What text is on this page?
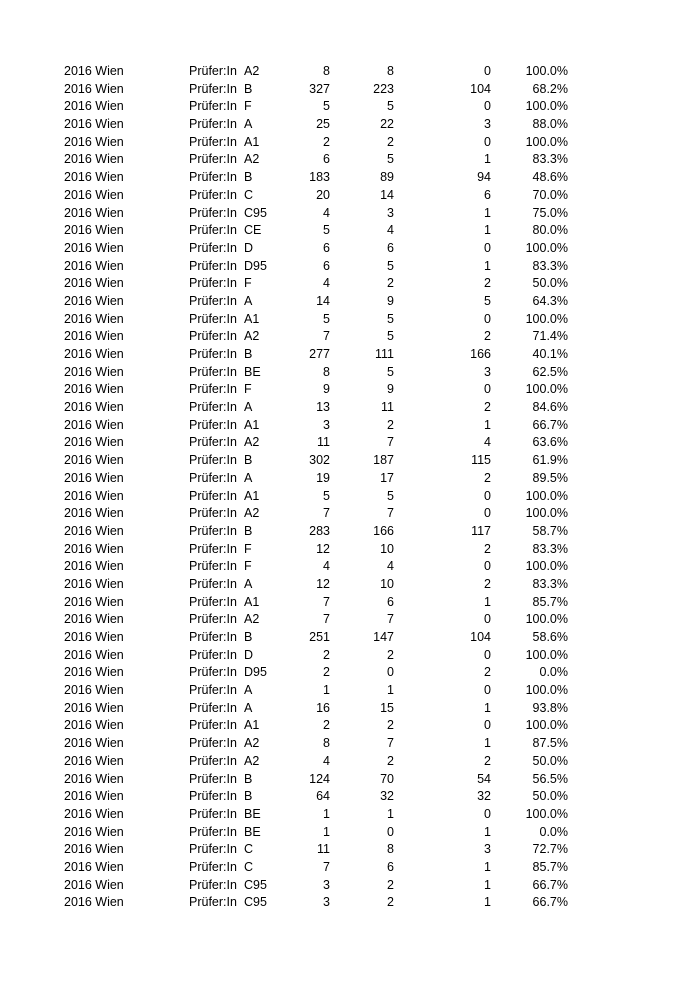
2016 Wien	Prüfer:In A2	8	8	0	100.0%
2016 Wien	Prüfer:In B	327	223	104	68.2%
2016 Wien	Prüfer:In F	5	5	0	100.0%
2016 Wien	Prüfer:In A	25	22	3	88.0%
2016 Wien	Prüfer:In A1	2	2	0	100.0%
2016 Wien	Prüfer:In A2	6	5	1	83.3%
2016 Wien	Prüfer:In B	183	89	94	48.6%
2016 Wien	Prüfer:In C	20	14	6	70.0%
2016 Wien	Prüfer:In C95	4	3	1	75.0%
2016 Wien	Prüfer:In CE	5	4	1	80.0%
2016 Wien	Prüfer:In D	6	6	0	100.0%
2016 Wien	Prüfer:In D95	6	5	1	83.3%
2016 Wien	Prüfer:In F	4	2	2	50.0%
2016 Wien	Prüfer:In A	14	9	5	64.3%
2016 Wien	Prüfer:In A1	5	5	0	100.0%
2016 Wien	Prüfer:In A2	7	5	2	71.4%
2016 Wien	Prüfer:In B	277	111	166	40.1%
2016 Wien	Prüfer:In BE	8	5	3	62.5%
2016 Wien	Prüfer:In F	9	9	0	100.0%
2016 Wien	Prüfer:In A	13	11	2	84.6%
2016 Wien	Prüfer:In A1	3	2	1	66.7%
2016 Wien	Prüfer:In A2	11	7	4	63.6%
2016 Wien	Prüfer:In B	302	187	115	61.9%
2016 Wien	Prüfer:In A	19	17	2	89.5%
2016 Wien	Prüfer:In A1	5	5	0	100.0%
2016 Wien	Prüfer:In A2	7	7	0	100.0%
2016 Wien	Prüfer:In B	283	166	117	58.7%
2016 Wien	Prüfer:In F	12	10	2	83.3%
2016 Wien	Prüfer:In F	4	4	0	100.0%
2016 Wien	Prüfer:In A	12	10	2	83.3%
2016 Wien	Prüfer:In A1	7	6	1	85.7%
2016 Wien	Prüfer:In A2	7	7	0	100.0%
2016 Wien	Prüfer:In B	251	147	104	58.6%
2016 Wien	Prüfer:In D	2	2	0	100.0%
2016 Wien	Prüfer:In D95	2	0	2	0.0%
2016 Wien	Prüfer:In A	1	1	0	100.0%
2016 Wien	Prüfer:In A	16	15	1	93.8%
2016 Wien	Prüfer:In A1	2	2	0	100.0%
2016 Wien	Prüfer:In A2	8	7	1	87.5%
2016 Wien	Prüfer:In A2	4	2	2	50.0%
2016 Wien	Prüfer:In B	124	70	54	56.5%
2016 Wien	Prüfer:In B	64	32	32	50.0%
2016 Wien	Prüfer:In BE	1	1	0	100.0%
2016 Wien	Prüfer:In BE	1	0	1	0.0%
2016 Wien	Prüfer:In C	11	8	3	72.7%
2016 Wien	Prüfer:In C	7	6	1	85.7%
2016 Wien	Prüfer:In C95	3	2	1	66.7%
2016 Wien	Prüfer:In C95	3	2	1	66.7%
